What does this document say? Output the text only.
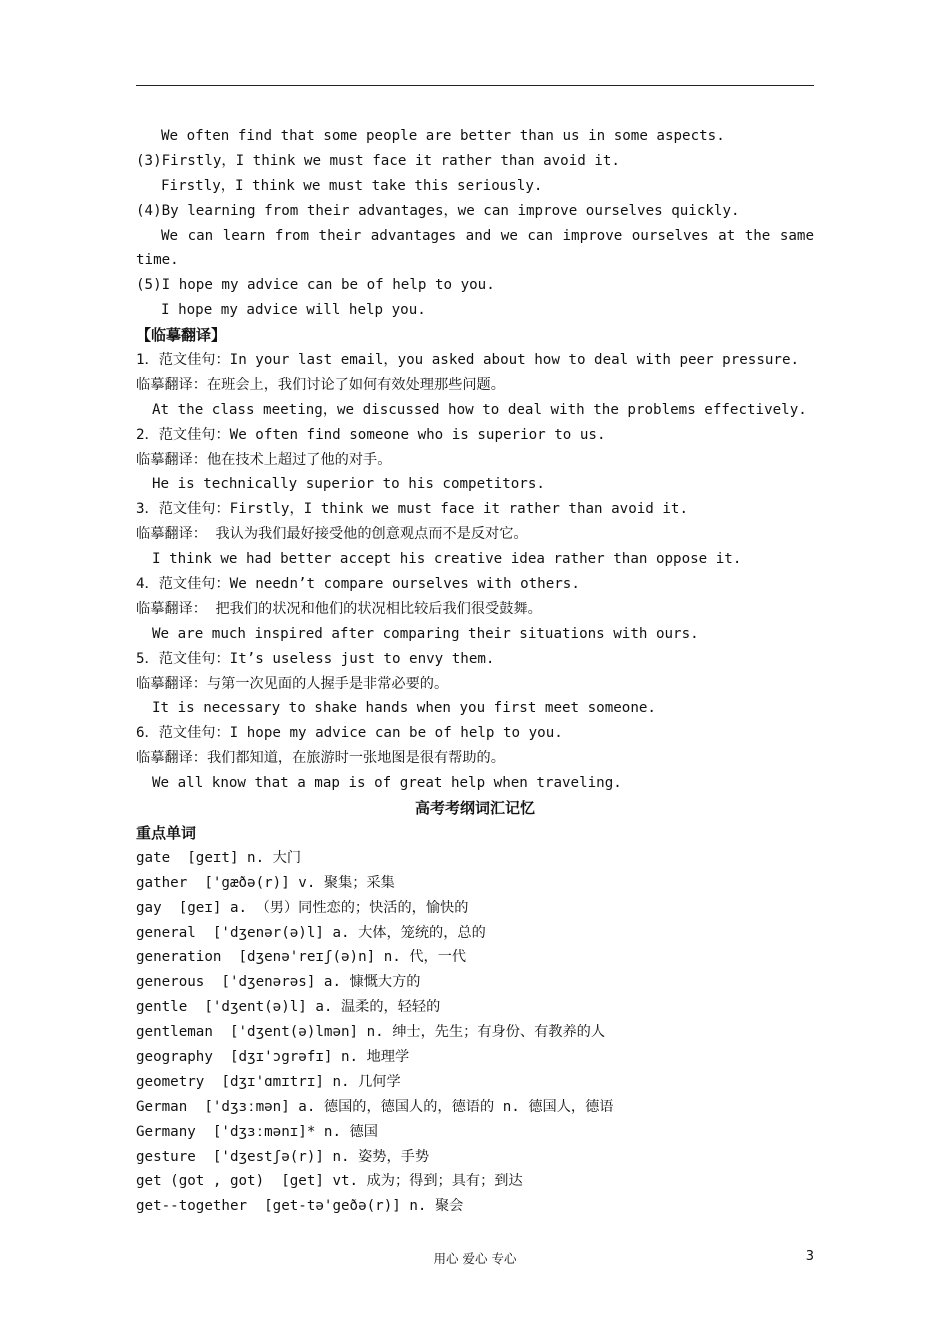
We often find that some people are better than us in some aspects.
(3)Firstly，I think we must face it rather than avoid it.
Firstly，I think we must take this seriously.
(4)By learning from their advantages，we can improve ourselves quickly.
We can learn from their advantages and we can improve ourselves at the same
time.
(5)I hope my advice can be of help to you.
I hope my advice will help you.
【临摹翻译】
1．范文佳句：In your last email，you asked about how to deal with peer pressure.
临摹翻译：在班会上，我们讨论了如何有效处理那些问题。
At the class meeting，we discussed how to deal with the problems effectively.
2．范文佳句：We often find someone who is superior to us.
临摹翻译：他在技术上超过了他的对手。
He is technically superior to his competitors.
3．范文佳句：Firstly，I think we must face it rather than avoid it.
临摹翻译： 我认为我们最好接受他的创意观点而不是反对它。
I think we had better accept his creative idea rather than oppose it.
4．范文佳句：We needn’t compare ourselves with others.
临摹翻译： 把我们的状况和他们的状况相比较后我们很受鼓舞。
We are much inspired after comparing their situations with ours.
5．范文佳句：It’s useless just to envy them.
临摹翻译：与第一次见面的人握手是非常必要的。
It is necessary to shake hands when you first meet someone.
6．范文佳句：I hope my advice can be of help to you.
临摹翻译：我们都知道，在旅游时一张地图是很有帮助的。
We all know that a map is of great help when traveling.
高考考纲词汇记忆
重点单词
gate  [geɪt] n. 大门
gather  ['gæðə(r)] v. 聚集；采集
gay  [geɪ] a. （男）同性恋的；快活的，愉快的
general  ['dʒenər(ə)l] a. 大体，笼统的，总的
generation  [dʒenə'reɪʃ(ə)n] n. 代，一代
generous  ['dʒenərəs] a. 慷慨大方的
gentle  ['dʒent(ə)l] a. 温柔的，轻轻的
gentleman  ['dʒent(ə)lmən] n. 绅士，先生；有身份、有教养的人
geography  [dʒɪ'ɔgrəfɪ] n. 地理学
geometry  [dʒɪ'ɑmɪtrɪ] n. 几何学
German  ['dʒɜːmən] a. 德国的，德国人的，德语的 n. 德国人，德语
Germany  ['dʒɜːmənɪ]* n. 德国
gesture  ['dʒestʃə(r)] n. 姿势，手势
get (got , got)  [get] vt. 成为；得到；具有；到达
get--together  [get-tə'geðə(r)] n. 聚会
用心 爱心 专心	3
